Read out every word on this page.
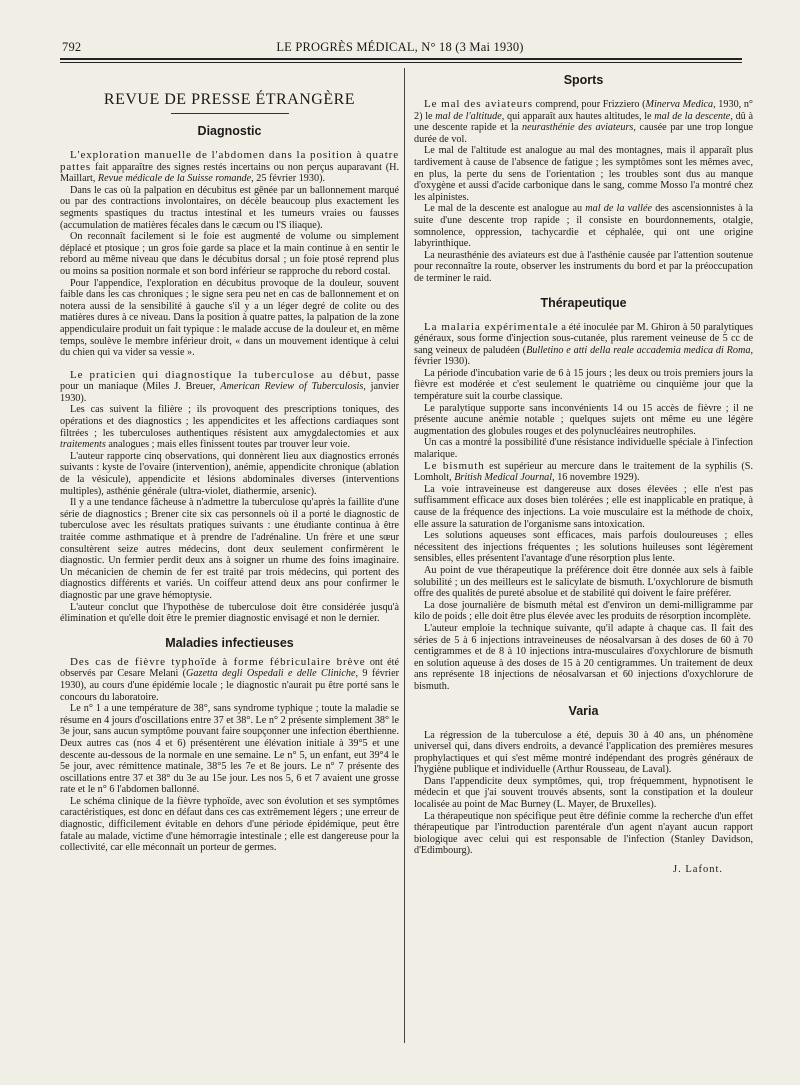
792	LE PROGRÈS MÉDICAL, N° 18 (3 Mai 1930)
REVUE DE PRESSE ÉTRANGÈRE
Diagnostic

L'exploration manuelle de l'abdomen dans la position à quatre pattes fait apparaître des signes restés incertains ou non perçus auparavant (H. Maillart, Revue médicale de la Suisse romande, 25 février 1930).

Dans le cas où la palpation en décubitus est gênée par un ballonnement marqué ou par des contractions involontaires, on décèle beaucoup plus exactement les segments spastiques du tractus intestinal et les tumeurs vraies ou fausses (accumulation de matières fécales dans le cæcum ou l'S iliaque).

On reconnaît facilement si le foie est augmenté de volume ou simplement déplacé et ptosique ; un gros foie garde sa place et la main continue à en sentir le rebord au même niveau que dans le décubitus dorsal ; un foie ptosé reprend plus ou moins sa position normale et son bord inférieur se rapproche du rebord costal.

Pour l'appendice, l'exploration en décubitus provoque de la douleur, souvent faible dans les cas chroniques ; le signe sera peu net en cas de ballonnement et on notera aussi de la sensibilité à gauche s'il y a un léger degré de colite ou des matières dures à ce niveau. Dans la position à quatre pattes, la palpation de la zone appendiculaire produit un fait typique : le malade accuse de la douleur et, en même temps, soulève le membre inférieur droit, « dans un mouvement identique à celui du chien qui va vider sa vessie ».

Le praticien qui diagnostique la tuberculose au début, passe pour un maniaque (Miles J. Breuer, American Review of Tuberculosis, janvier 1930).

Les cas suivent la filière ; ils provoquent des prescriptions toniques, des opérations et des diagnostics ; les appendicites et les affections cardiaques sont filtrées ; les tuberculoses authentiques résistent aux amygdalectomies et aux traitements analogues ; mais elles finissent toutes par trouver leur voie.

L'auteur rapporte cinq observations, qui donnèrent lieu aux diagnostics erronés suivants : kyste de l'ovaire (intervention), anémie, appendicite chronique (ablation de la vésicule), appendicite et lésions abdominales diverses (interventions multiples), asthénie générale (ultra-violet, diathermie, arsenic).

Il y a une tendance fâcheuse à n'admettre la tuberculose qu'après la faillite d'une série de diagnostics ; Brener cite six cas personnels où il a porté le diagnostic de tuberculose avec les résultats pratiques suivants : une étudiante continua à être traitée comme asthmatique et à prendre de l'adrénaline. Un frère et une sœur consultèrent seize autres médecins, dont deux seulement confirmèrent le diagnostic. Un fermier perdit deux ans à soigner un rhume des foins imaginaire. Un mécanicien de chemin de fer est traité par trois médecins, qui portent des diagnostics différents et variés. Un coiffeur attend deux ans pour confirmer le diagnostic par une grave hémoptysie.

L'auteur conclut que l'hypothèse de tuberculose doit être considérée jusqu'à élimination et qu'elle doit être le premier diagnostic envisagé et non le dernier.

Maladies infectieuses

Des cas de fièvre typhoïde à forme fébriculaire brève ont été observés par Cesare Melani (Gazetta degli Ospedali e delle Cliniche, 9 février 1930), au cours d'une épidémie locale ; le diagnostic n'aurait pu être porté sans le concours du laboratoire.

Le n° 1 a une température de 38°, sans syndrome typhique ; toute la maladie se résume en 4 jours d'oscillations entre 37 et 38°. Le n° 2 présente simplement 38° le 3e jour, sans aucun symptôme pouvant faire soupçonner une infection éberthienne. Deux autres cas (nos 4 et 6) présentèrent une élévation initiale à 39°5 et une descente au-dessous de la normale en une semaine. Le n° 5, un enfant, eut 39°4 le 5e jour, avec rémittence matinale, 38°5 les 7e et 8e jours. Le n° 7 présente des oscillations entre 37 et 38° du 3e au 15e jour. Les nos 5, 6 et 7 avaient une grosse rate et le n° 6 l'abdomen ballonné.

Le schéma clinique de la fièvre typhoïde, avec son évolution et ses symptômes caractéristiques, est donc en défaut dans ces cas extrêmement légers ; une erreur de diagnostic, difficilement évitable en dehors d'une période épidémique, peut être fatale au malade, victime d'une hémorragie intestinale ; elle est dangereuse pour la collectivité, car elle méconnaît un porteur de germes.

Sports

Le mal des aviateurs comprend, pour Frizziero (Minerva Medica, 1930, n° 2) le mal de l'altitude, qui apparaît aux hautes altitudes, le mal de la descente, dû à une descente rapide et la neurasthénie des aviateurs, causée par une trop longue durée de vol.

Le mal de l'altitude est analogue au mal des montagnes, mais il apparaît plus tardivement à cause de l'absence de fatigue ; les symptômes sont les mêmes avec, en plus, la perte du sens de l'orientation ; les troubles sont dus au manque d'oxygène et aussi d'acide carbonique dans le sang, comme Mosso l'a montré chez les alpinistes.

Le mal de la descente est analogue au mal de la vallée des ascensionnistes à la suite d'une descente trop rapide ; il consiste en bourdonnements, otalgie, somnolence, oppression, tachycardie et céphalée, qui ont une origine labyrinthique.

La neurasthénie des aviateurs est due à l'asthénie causée par l'attention soutenue pour reconnaître la route, observer les instruments du bord et par la préoccupation de terminer le raid.

Thérapeutique

La malaria expérimentale a été inoculée par M. Ghiron à 50 paralytiques généraux, sous forme d'injection sous-cutanée, plus rarement veineuse de 5 cc de sang veineux de paludéen (Bulletino e atti della reale accademia medica di Roma, février 1930).

La période d'incubation varie de 6 à 15 jours ; les deux ou trois premiers jours la fièvre est modérée et c'est seulement le quatrième ou cinquième jour que la température suit la courbe classique.

Le paralytique supporte sans inconvénients 14 ou 15 accès de fièvre ; il ne présente aucune anémie notable ; quelques sujets ont même eu une légère augmentation des globules rouges et des polynucléaires neutrophiles.

Un cas a montré la possibilité d'une résistance individuelle spéciale à l'infection malarique.

Le bismuth est supérieur au mercure dans le traitement de la syphilis (S. Lomholt, British Medical Journal, 16 novembre 1929).

La voie intraveineuse est dangereuse aux doses élevées ; elle n'est pas suffisamment efficace aux doses bien tolérées ; elle est inapplicable en pratique, à cause de la fréquence des injections. La voie musculaire est la méthode de choix, elle assure la saturation de l'organisme sans intoxication.

Les solutions aqueuses sont efficaces, mais parfois douloureuses ; elles nécessitent des injections fréquentes ; les solutions huileuses sont légèrement sensibles, elles présentent l'avantage d'une résorption plus lente.

Au point de vue thérapeutique la préférence doit être donnée aux sels à faible solubilité ; un des meilleurs est le salicylate de bismuth. L'oxychlorure de bismuth offre des qualités de pureté absolue et de stabilité qui doivent le faire préférer.

La dose journalière de bismuth métal est d'environ un demi-milligramme par kilo de poids ; elle doit être plus élevée avec les produits de résorption incomplète.

L'auteur emploie la technique suivante, qu'il adapte à chaque cas. Il fait des séries de 5 à 6 injections intraveineuses de néosalvarsan à des doses de 60 à 70 centigrammes et de 8 à 10 injections intra-musculaires d'oxychlorure de bismuth en solution aqueuse à des doses de 15 à 20 centigrammes. Un traitement de deux ans représente 18 injections de néosalvarsan et 60 injections d'oxychlorure de bismuth.

Varia

La régression de la tuberculose a été, depuis 30 à 40 ans, un phénomène universel qui, dans divers endroits, a devancé l'application des premières mesures prophylactiques et qui s'est même montré indépendant des progrès généraux de l'hygiène publique et individuelle (Arthur Rousseau, de Laval).

Dans l'appendicite deux symptômes, qui, trop fréquemment, hypnotisent le médecin et que j'ai souvent trouvés absents, sont la constipation et la douleur localisée au point de Mac Burney (L. Mayer, de Bruxelles).

La thérapeutique non spécifique peut être définie comme la recherche d'un effet thérapeutique par l'introduction parentérale d'un agent n'ayant aucun rapport biologique avec celui qui est responsable de l'infection (Stanley Davidson, d'Edimbourg).

J. Lafont.
